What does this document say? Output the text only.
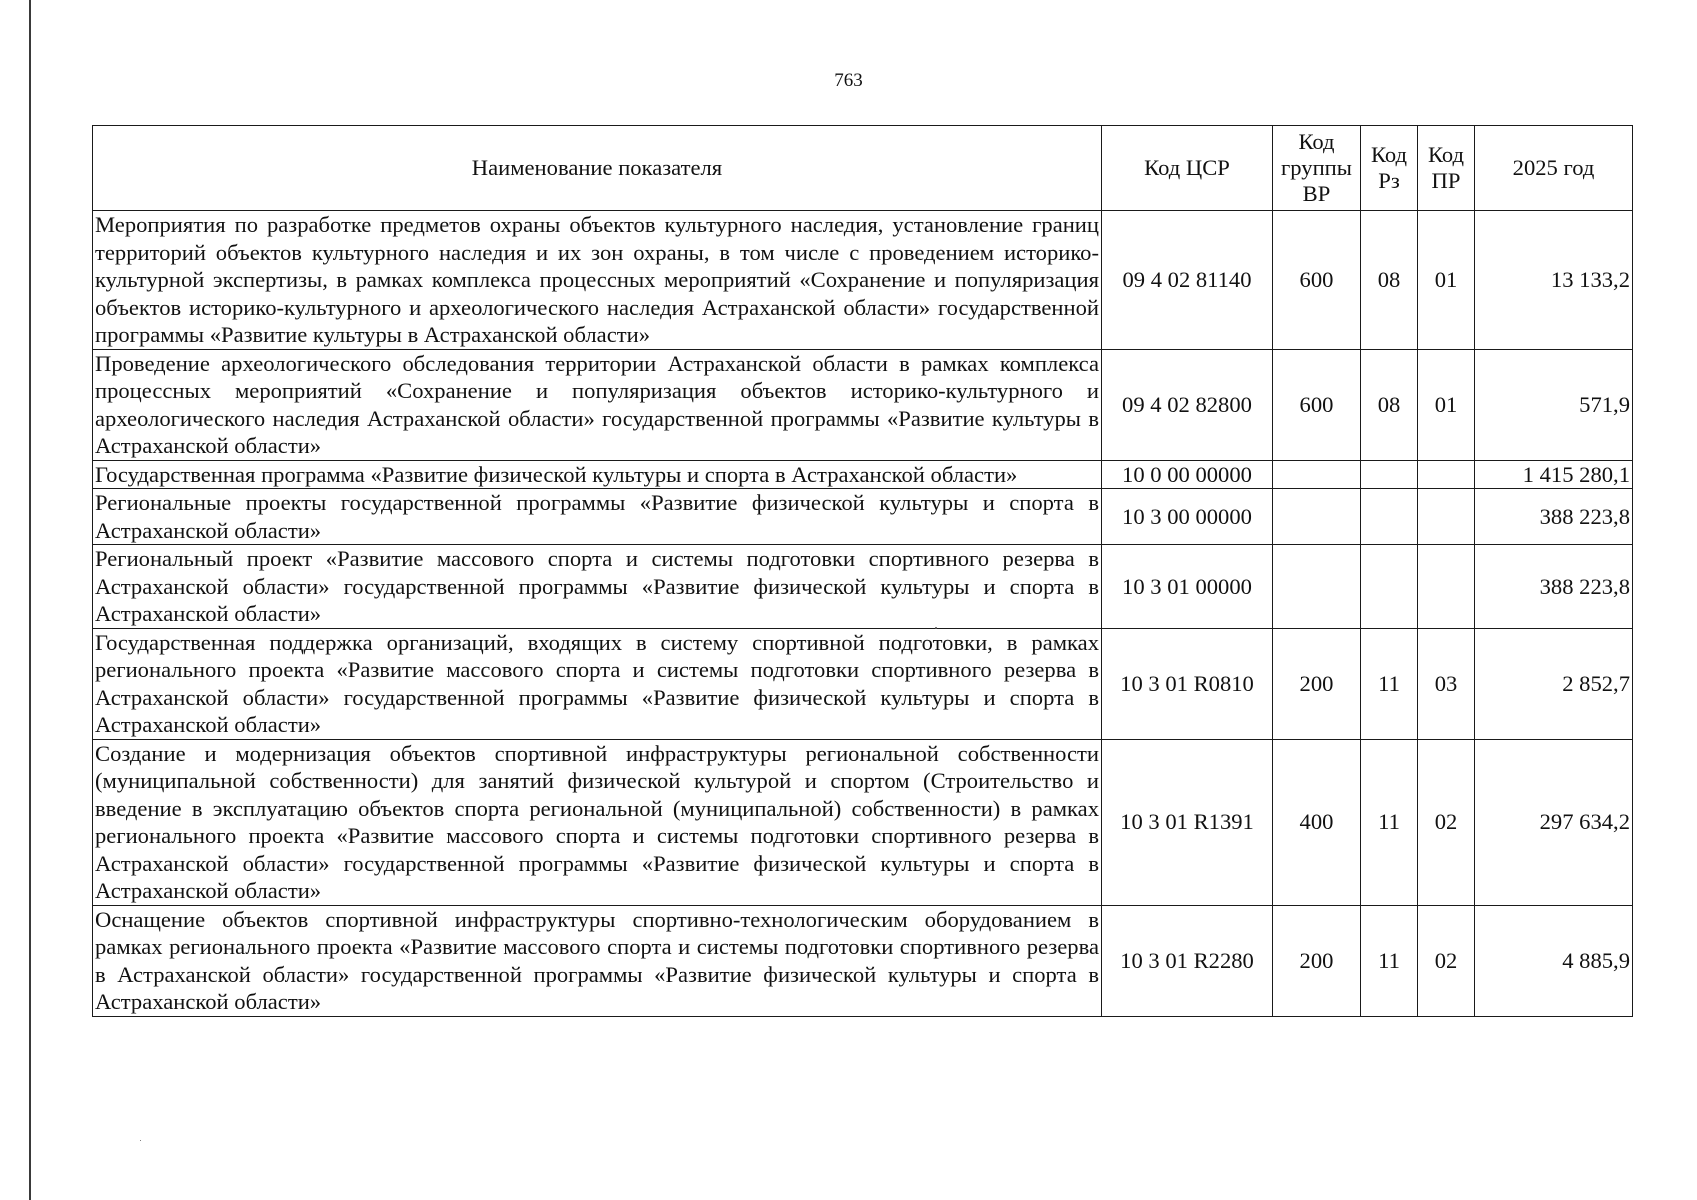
763
Наименование показателя	Код ЦСР	Код группы ВР	Код Рз	Код ПР	2025 год
Мероприятия по разработке предметов охраны объектов культурного наследия, установление границ территорий объектов культурного наследия и их зон охраны, в том числе с проведением историко-культурной экспертизы, в рамках комплекса процессных мероприятий «Сохранение и популяризация объектов историко-культурного и археологического наследия Астраханской области» государственной программы «Развитие культуры в Астраханской области»	09 4 02 81140	600	08	01	13 133,2
Проведение археологического обследования территории Астраханской области в рамках комплекса процессных мероприятий «Сохранение и популяризация объектов историко-культурного и археологического наследия Астраханской области» государственной программы «Развитие культуры в Астраханской области»	09 4 02 82800	600	08	01	571,9
Государственная программа «Развитие физической культуры и спорта в Астраханской области»	10 0 00 00000				1 415 280,1
Региональные проекты государственной программы «Развитие физической культуры и спорта в Астраханской области»	10 3 00 00000				388 223,8
Региональный проект «Развитие массового спорта и системы подготовки спортивного резерва в Астраханской области» государственной программы «Развитие физической культуры и спорта в Астраханской области»	10 3 01 00000				388 223,8
Государственная поддержка организаций, входящих в систему спортивной подготовки, в рамках регионального проекта «Развитие массового спорта и системы подготовки спортивного резерва в Астраханской области» государственной программы «Развитие физической культуры и спорта в Астраханской области»	10 3 01 R0810	200	11	03	2 852,7
Создание и модернизация объектов спортивной инфраструктуры региональной собственности (муниципальной собственности) для занятий физической культурой и спортом (Строительство и введение в эксплуатацию объектов спорта региональной (муниципальной) собственности) в рамках регионального проекта «Развитие массового спорта и системы подготовки спортивного резерва в Астраханской области» государственной программы «Развитие физической культуры и спорта в Астраханской области»	10 3 01 R1391	400	11	02	297 634,2
Оснащение объектов спортивной инфраструктуры спортивно-технологическим оборудованием в рамках регионального проекта «Развитие массового спорта и системы подготовки спортивного резерва в Астраханской области» государственной программы «Развитие физической культуры и спорта в Астраханской области»	10 3 01 R2280	200	11	02	4 885,9
